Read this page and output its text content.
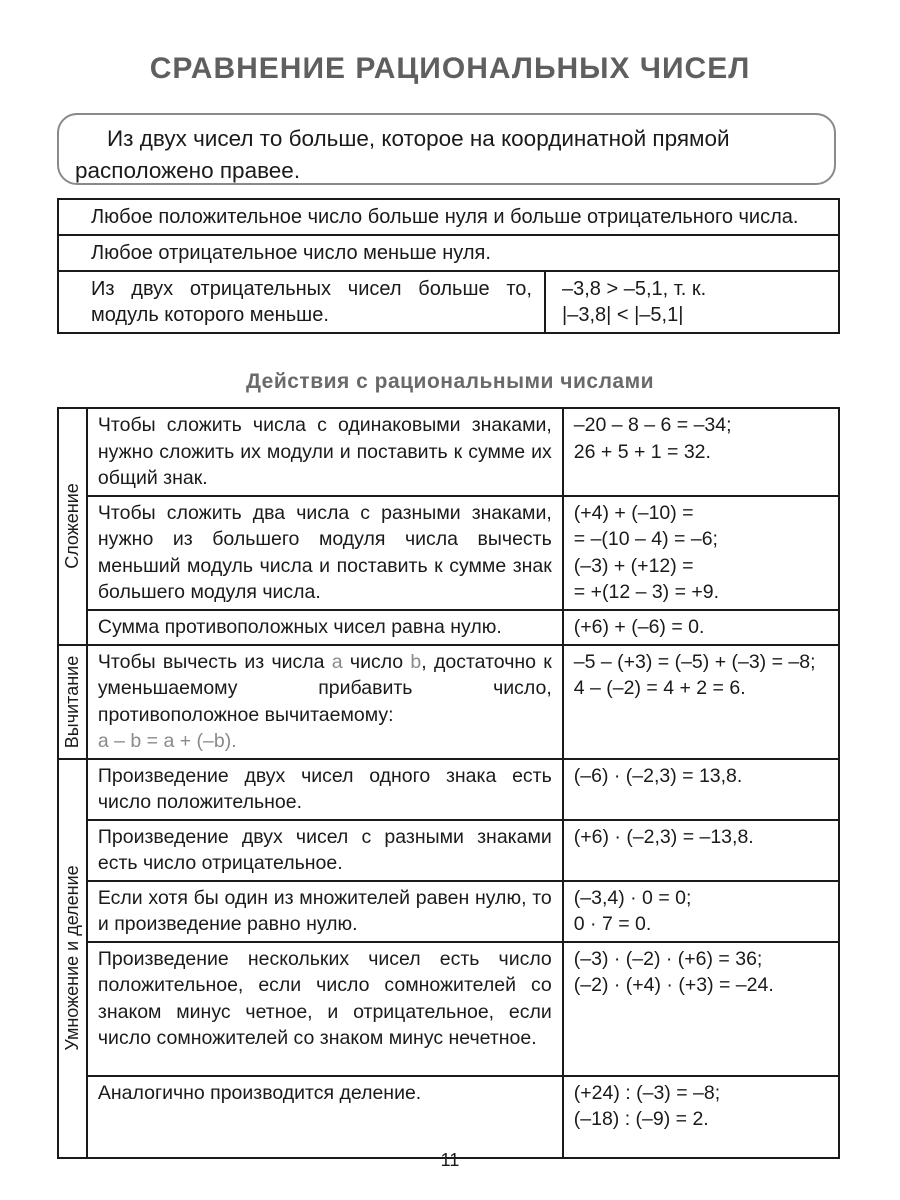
СРАВНЕНИЕ РАЦИОНАЛЬНЫХ ЧИСЕЛ
Из двух чисел то больше, которое на координатной прямой
расположено правее.
Любое положительное число больше нуля и больше отрицательного числа.
Любое отрицательное число меньше нуля.
Из двух отрицательных чисел больше то, модуль которого меньше.	
–3,8 > –5,1, т. к.
|–3,8| < |–5,1|
Действия с рациональными числами
Сложение	Чтобы сложить числа с одинаковыми знаками, нужно сложить их модули и поставить к сумме их общий знак.	–20 – 8 – 6 = –34;
26 + 5 + 1 = 32.

	Чтобы сложить два числа с разными знаками, нужно из большего модуля числа вычесть меньший модуль числа и поставить к сумме знак большего модуля числа.	(+4) + (–10) =
= –(10 – 4) = –6;
(–3) + (+12) =
= +(12 – 3) = +9.

	Сумма противоположных чисел равна нулю.	(+6) + (–6) = 0.

Вычитание	Чтобы вычесть из числа a число b, достаточно к уменьшаемому прибавить число, противоположное вычитаемому:
a – b = a + (–b).	–5 – (+3) = (–5) + (–3) = –8;
4 – (–2) = 4 + 2 = 6.

Умножение и деление	Произведение двух чисел одного знака есть число положительное.	(–6) · (–2,3) = 13,8.

	Произведение двух чисел с разными знаками есть число отрицательное.	(+6) · (–2,3) = –13,8.

	Если хотя бы один из множителей равен нулю, то и произведение равно нулю.	(–3,4) · 0 = 0;
0 · 7 = 0.

	Произведение нескольких чисел есть число положительное, если число сомножителей со знаком минус четное, и отрицательное, если число сомножителей со знаком минус нечетное.	(–3) · (–2) · (+6) = 36;
(–2) · (+4) · (+3) = –24.

	Аналогично производится деление.	(+24) : (–3) = –8;
(–18) : (–9) = 2.
11
